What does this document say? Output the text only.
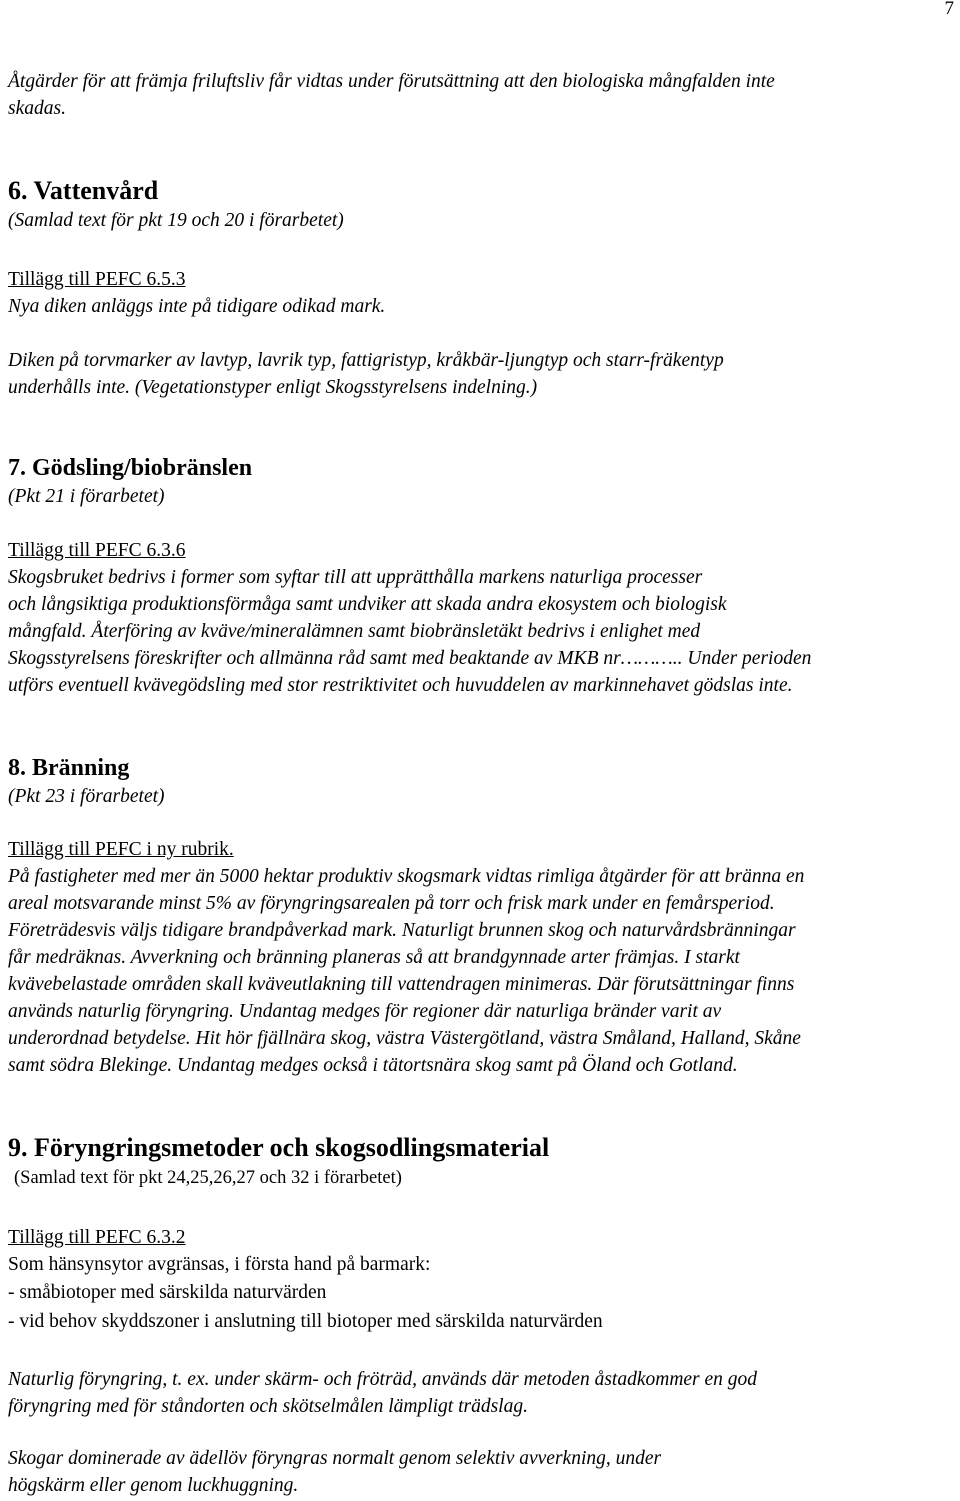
7
Åtgärder för att främja friluftsliv får vidtas under förutsättning att den biologiska mångfalden inte
skadas.
6. Vattenvård
(Samlad text för pkt 19 och 20 i förarbetet)
Tillägg till PEFC 6.5.3
Nya diken anläggs inte på tidigare odikad mark.
Diken på torvmarker av lavtyp, lavrik typ, fattigristyp, kråkbär-ljungtyp och starr-fräkentyp
underhålls inte. (Vegetationstyper enligt Skogsstyrelsens indelning.)
7. Gödsling/biobränslen
(Pkt 21 i förarbetet)
Tillägg till PEFC 6.3.6
Skogsbruket bedrivs i former som syftar till att upprätthålla markens naturliga processer
och långsiktiga produktionsförmåga samt undviker att skada andra ekosystem och biologisk
mångfald. Återföring av kväve/mineralämnen samt biobränsletäkt bedrivs i enlighet med
Skogsstyrelsens föreskrifter och allmänna råd samt med beaktande av MKB nr……….. Under perioden
utförs eventuell kvävegödsling med stor restriktivitet och huvuddelen av markinnehavet gödslas inte.
8. Bränning
(Pkt 23 i förarbetet)
Tillägg till PEFC i ny rubrik.
På fastigheter med mer än 5000 hektar produktiv skogsmark vidtas rimliga åtgärder för att bränna en
areal motsvarande minst 5% av föryngringsarealen på torr och frisk mark under en femårsperiod.
Företrädesvis väljs tidigare brandpåverkad mark. Naturligt brunnen skog och naturvårdsbränningar
får medräknas. Avverkning och bränning planeras så att brandgynnade arter främjas. I starkt
kvävebelastade områden skall kväveutlakning till vattendragen minimeras. Där förutsättningar finns
används naturlig föryngring. Undantag medges för regioner där naturliga bränder varit av
underordnad betydelse. Hit hör fjällnära skog, västra Västergötland, västra Småland, Halland, Skåne
samt södra Blekinge. Undantag medges också i tätortsnära skog samt på Öland och Gotland.
9. Föryngringsmetoder och skogsodlingsmaterial
(Samlad text för pkt 24,25,26,27 och 32 i förarbetet)
Tillägg till PEFC 6.3.2
Som hänsynsytor avgränsas, i första hand på barmark:
- småbiotoper med särskilda naturvärden
- vid behov skyddszoner i anslutning till biotoper med särskilda naturvärden
Naturlig föryngring, t. ex. under skärm- och fröträd, används där metoden åstadkommer en god
föryngring med för ståndorten och skötselmålen lämpligt trädslag.
Skogar dominerade av ädellöv föryngras normalt genom selektiv avverkning, under
högskärm eller genom luckhuggning.
